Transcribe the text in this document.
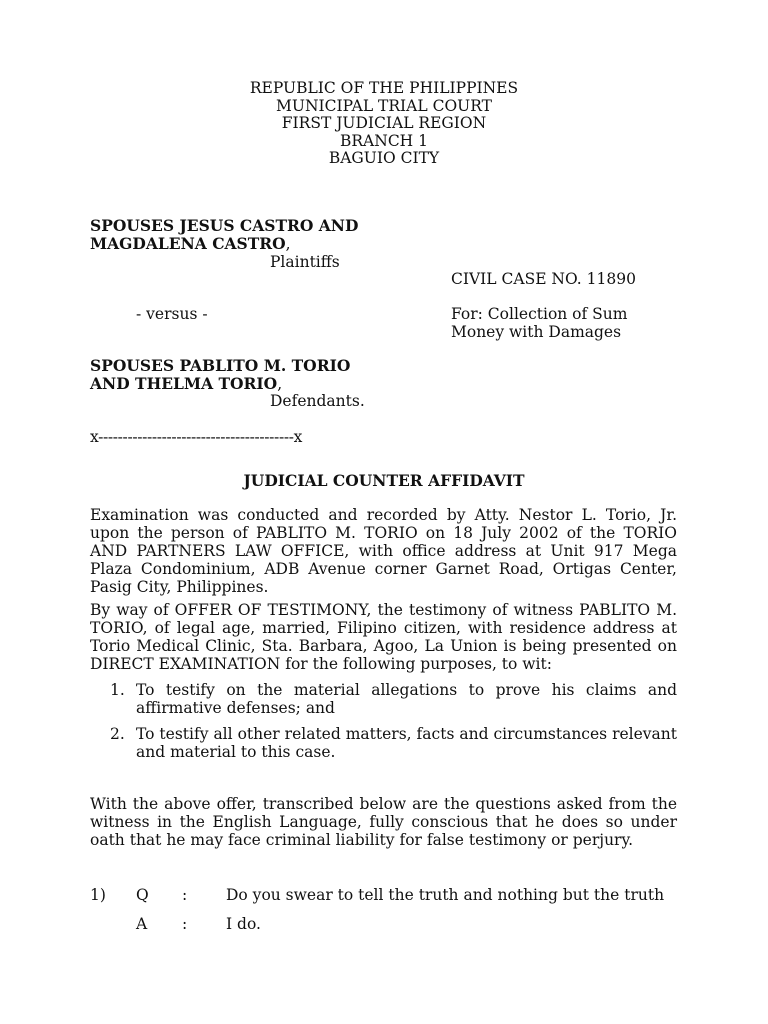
REPUBLIC OF THE PHILIPPINES
MUNICIPAL TRIAL COURT
FIRST JUDICIAL REGION
BRANCH 1
BAGUIO CITY
SPOUSES JESUS CASTRO AND
MAGDALENA CASTRO,
Plaintiffs
CIVIL CASE NO. 11890
- versus -	For: Collection of Sum
Money with Damages
SPOUSES PABLITO M. TORIO
AND THELMA TORIO,
Defendants.
x----------------------------------------x
JUDICIAL COUNTER AFFIDAVIT
Examination was conducted and recorded by Atty. Nestor L. Torio, Jr. upon the person of PABLITO M. TORIO on 18 July 2002 of the TORIO AND PARTNERS LAW OFFICE, with office address at Unit 917 Mega Plaza Condominium, ADB Avenue corner Garnet Road, Ortigas Center, Pasig City, Philippines.
By way of OFFER OF TESTIMONY, the testimony of witness PABLITO M. TORIO, of legal age, married, Filipino citizen, with residence address at Torio Medical Clinic, Sta. Barbara, Agoo, La Union is being presented on DIRECT EXAMINATION for the following purposes, to wit:
1. To testify on the material allegations to prove his claims and affirmative defenses; and
2. To testify all other related matters, facts and circumstances relevant and material to this case.
With the above offer, transcribed below are the questions asked from the witness in the English Language, fully conscious that he does so under oath that he may face criminal liability for false testimony or perjury.
1) Q :	Do you swear to tell the truth and nothing but the truth
A :	I do.
